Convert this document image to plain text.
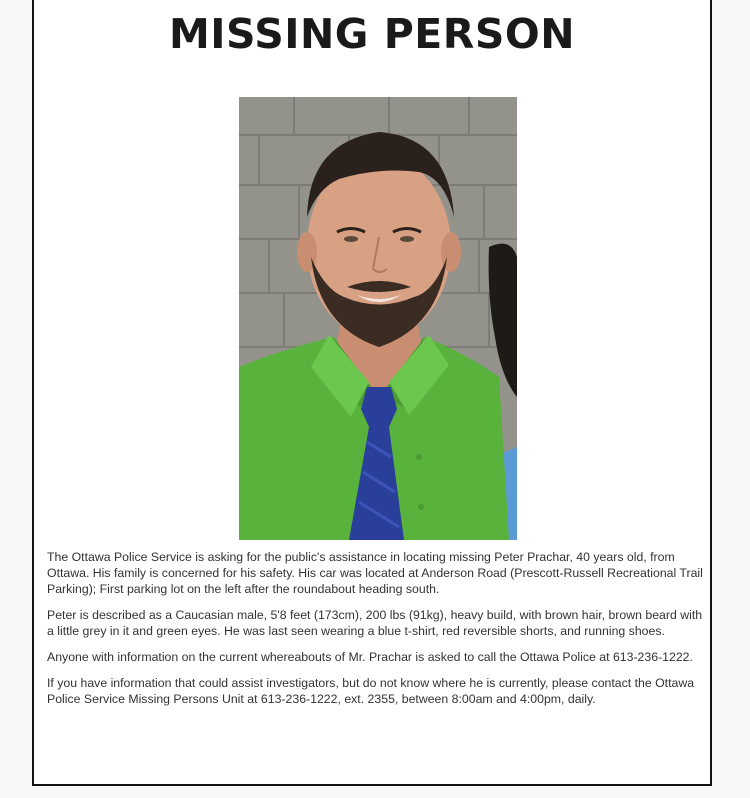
MISSING PERSON

The Ottawa Police Service is asking for the public's assistance in locating missing Peter Prachar, 40 years old, from Ottawa. His family is concerned for his safety. His car was located at Anderson Road (Prescott-Russell Recreational Trail Parking); First parking lot on the left after the roundabout heading south.

Peter is described as a Caucasian male, 5'8 feet (173cm), 200 lbs (91kg), heavy build, with brown hair, brown beard with a little grey in it and green eyes. He was last seen wearing a blue t-shirt, red reversible shorts, and running shoes.

Anyone with information on the current whereabouts of Mr. Prachar is asked to call the Ottawa Police at 613-236-1222.

If you have information that could assist investigators, but do not know where he is currently, please contact the Ottawa Police Service Missing Persons Unit at 613-236-1222, ext. 2355, between 8:00am and 4:00pm, daily.
